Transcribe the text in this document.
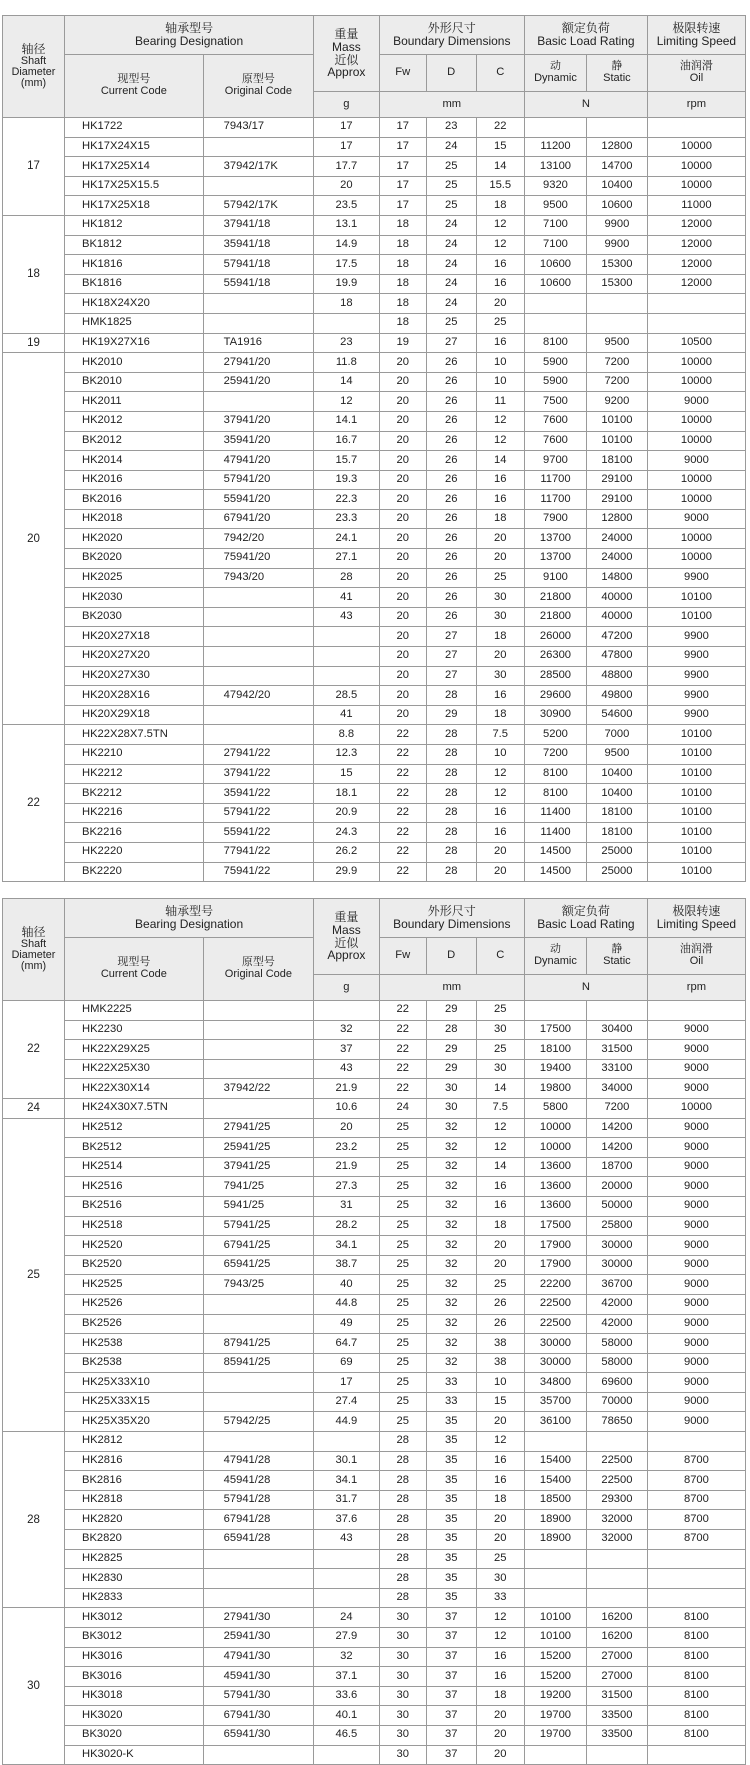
轴径
Shaft
Diameter
(mm)	轴承型号
Bearing Designation		重量
Mass
近似
Approx	外形尺寸
Boundary Dimensions			额定负荷
Basic Load Rating		极限转速
Limiting Speed

	现型号
Current Code	原型号
Original Code		Fw	D	C	动
Dynamic	静
Static	油润滑
Oil

			g	mm			N		rpm
17	HK1722	7943/17	17	17	23	22			
	HK17X24X15		17	17	24	15	11200	12800	10000
	HK17X25X14	37942/17K	17.7	17	25	14	13100	14700	10000
	HK17X25X15.5		20	17	25	15.5	9320	10400	10000
	HK17X25X18	57942/17K	23.5	17	25	18	9500	10600	11000
18	HK1812	37941/18	13.1	18	24	12	7100	9900	12000
	BK1812	35941/18	14.9	18	24	12	7100	9900	12000
	HK1816	57941/18	17.5	18	24	16	10600	15300	12000
	BK1816	55941/18	19.9	18	24	16	10600	15300	12000
	HK18X24X20		18	18	24	20			
	HMK1825			18	25	25			
19	HK19X27X16	TA1916	23	19	27	16	8100	9500	10500
20	HK2010	27941/20	11.8	20	26	10	5900	7200	10000
	BK2010	25941/20	14	20	26	10	5900	7200	10000
	HK2011		12	20	26	11	7500	9200	9000
	HK2012	37941/20	14.1	20	26	12	7600	10100	10000
	BK2012	35941/20	16.7	20	26	12	7600	10100	10000
	HK2014	47941/20	15.7	20	26	14	9700	18100	9000
	HK2016	57941/20	19.3	20	26	16	11700	29100	10000
	BK2016	55941/20	22.3	20	26	16	11700	29100	10000
	HK2018	67941/20	23.3	20	26	18	7900	12800	9000
	HK2020	7942/20	24.1	20	26	20	13700	24000	10000
	BK2020	75941/20	27.1	20	26	20	13700	24000	10000
	HK2025	7943/20	28	20	26	25	9100	14800	9900
	HK2030		41	20	26	30	21800	40000	10100
	BK2030		43	20	26	30	21800	40000	10100
	HK20X27X18			20	27	18	26000	47200	9900
	HK20X27X20			20	27	20	26300	47800	9900
	HK20X27X30			20	27	30	28500	48800	9900
	HK20X28X16	47942/20	28.5	20	28	16	29600	49800	9900
	HK20X29X18		41	20	29	18	30900	54600	9900
22	HK22X28X7.5TN		8.8	22	28	7.5	5200	7000	10100
	HK2210	27941/22	12.3	22	28	10	7200	9500	10100
	HK2212	37941/22	15	22	28	12	8100	10400	10100
	BK2212	35941/22	18.1	22	28	12	8100	10400	10100
	HK2216	57941/22	20.9	22	28	16	11400	18100	10100
	BK2216	55941/22	24.3	22	28	16	11400	18100	10100
	HK2220	77941/22	26.2	22	28	20	14500	25000	10100
	BK2220	75941/22	29.9	22	28	20	14500	25000	10100
轴径
Shaft
Diameter
(mm)	轴承型号
Bearing Designation		重量
Mass
近似
Approx	外形尺寸
Boundary Dimensions			额定负荷
Basic Load Rating		极限转速
Limiting Speed

	现型号
Current Code	原型号
Original Code		Fw	D	C	动
Dynamic	静
Static	油润滑
Oil

			g	mm			N		rpm
22	HMK2225			22	29	25			
	HK2230		32	22	28	30	17500	30400	9000
	HK22X29X25		37	22	29	25	18100	31500	9000
	HK22X25X30		43	22	29	30	19400	33100	9000
	HK22X30X14	37942/22	21.9	22	30	14	19800	34000	9000
24	HK24X30X7.5TN		10.6	24	30	7.5	5800	7200	10000
25	HK2512	27941/25	20	25	32	12	10000	14200	9000
	BK2512	25941/25	23.2	25	32	12	10000	14200	9000
	HK2514	37941/25	21.9	25	32	14	13600	18700	9000
	HK2516	7941/25	27.3	25	32	16	13600	20000	9000
	BK2516	5941/25	31	25	32	16	13600	50000	9000
	HK2518	57941/25	28.2	25	32	18	17500	25800	9000
	HK2520	67941/25	34.1	25	32	20	17900	30000	9000
	BK2520	65941/25	38.7	25	32	20	17900	30000	9000
	HK2525	7943/25	40	25	32	25	22200	36700	9000
	HK2526		44.8	25	32	26	22500	42000	9000
	BK2526		49	25	32	26	22500	42000	9000
	HK2538	87941/25	64.7	25	32	38	30000	58000	9000
	BK2538	85941/25	69	25	32	38	30000	58000	9000
	HK25X33X10		17	25	33	10	34800	69600	9000
	HK25X33X15		27.4	25	33	15	35700	70000	9000
	HK25X35X20	57942/25	44.9	25	35	20	36100	78650	9000
28	HK2812			28	35	12			
	HK2816	47941/28	30.1	28	35	16	15400	22500	8700
	BK2816	45941/28	34.1	28	35	16	15400	22500	8700
	HK2818	57941/28	31.7	28	35	18	18500	29300	8700
	HK2820	67941/28	37.6	28	35	20	18900	32000	8700
	BK2820	65941/28	43	28	35	20	18900	32000	8700
	HK2825			28	35	25			
	HK2830			28	35	30			
	HK2833			28	35	33			
30	HK3012	27941/30	24	30	37	12	10100	16200	8100
	BK3012	25941/30	27.9	30	37	12	10100	16200	8100
	HK3016	47941/30	32	30	37	16	15200	27000	8100
	BK3016	45941/30	37.1	30	37	16	15200	27000	8100
	HK3018	57941/30	33.6	30	37	18	19200	31500	8100
	HK3020	67941/30	40.1	30	37	20	19700	33500	8100
	BK3020	65941/30	46.5	30	37	20	19700	33500	8100
	HK3020-K			30	37	20			
